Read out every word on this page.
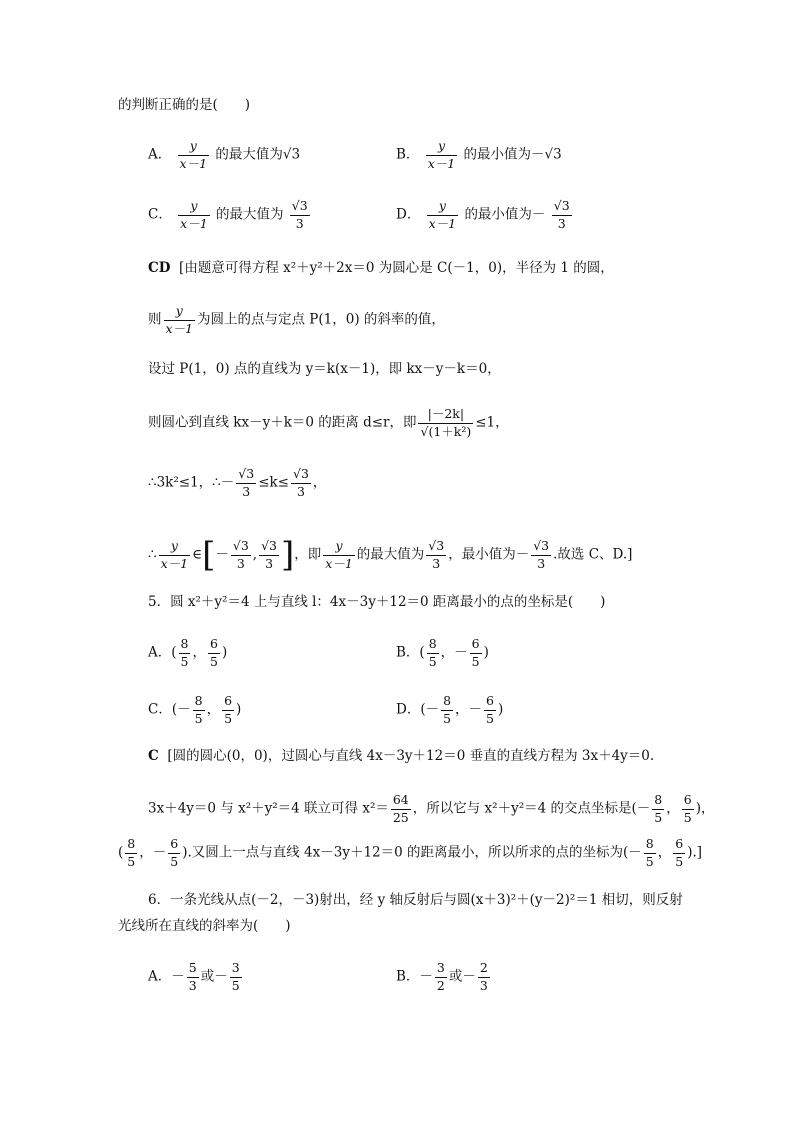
的判断正确的是(　　)
A． $\frac{y}{x-1}$ 的最大值为√3	B． $\frac{y}{x-1}$ 的最小值为－√3
C． $\frac{y}{x-1}$ 的最大值为 $\frac{√3}{3}$	D． $\frac{y}{x-1}$ 的最小值为－ $\frac{√3}{3}$
CD [由题意可得方程 x²＋y²＋2x＝0 为圆心是 C(－1，0)，半径为 1 的圆，
则 $\frac{y}{x-1}$ 为圆上的点与定点 P(1，0) 的斜率的值，
设过 P(1，0) 点的直线为 y＝k(x－1)，即 kx－y－k＝0，
则圆心到直线 kx－y＋k＝0 的距离 d≤r，即 $\frac{|-2k|}{\text{√(1＋k²)}} \le 1$，
∴3k²≤1，∴－ $\frac{√3}{3} \le k\le \frac{√3}{3}$ ，
∴ $\frac{y}{x-1}$ ∈[－ $\frac{√3}{3}$ , $\frac{√3}{3}$ ]，即 $\frac{y}{x-1}$ 的最大值为 $\frac{√3}{3}$ ，最小值为－ $\frac{√3}{3}$ .故选 C、D.]
5．圆 x²＋y²＝4 上与直线 l：4x－3y＋12＝0 距离最小的点的坐标是(　　)
A．( $\frac{8}{5}$ ， $\frac{6}{5}$ )	B．( $\frac{8}{5}$ ，－ $\frac{6}{5}$ )
C．(－ $\frac{8}{5}$ ， $\frac{6}{5}$ )	D．(－ $\frac{8}{5}$ ，－ $\frac{6}{5}$ )
C [圆的圆心(0，0)，过圆心与直线 4x－3y＋12＝0 垂直的直线方程为 3x＋4y＝0.
3x＋4y＝0 与 x²＋y²＝4 联立可得 $x^2= \frac{64}{25}$ ，所以它与 x²＋y²＝4 的交点坐标是(－ $\frac{8}{5}$ ， $\frac{6}{5}$ )，
( $\frac{8}{5}$ ，－ $\frac{6}{5}$ ).又圆上一点与直线 4x－3y＋12＝0 的距离最小，所以所求的点的坐标为(－ $\frac{8}{5}$ ， $\frac{6}{5}$ ).]
6．一条光线从点(－2，－3)射出，经 y 轴反射后与圆(x＋3)²＋(y－2)²＝1 相切，则反射
光线所在直线的斜率为(　　)
A．－ $\frac{5}{3}$ 或－ $\frac{3}{5}$	B．－ $\frac{3}{2}$ 或－ $\frac{2}{3}$
